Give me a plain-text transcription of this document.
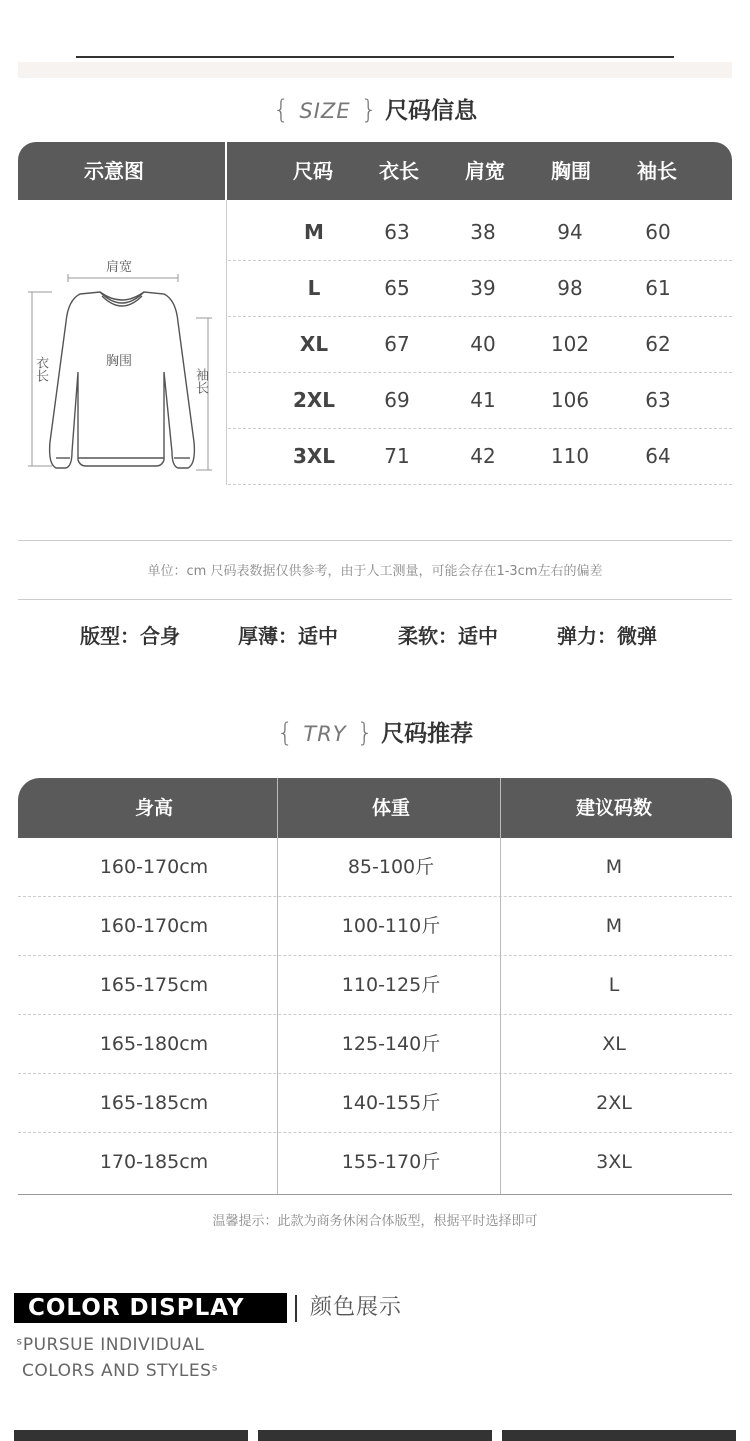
{ SIZE } 尺码信息
示意图	尺码 衣长 肩宽 胸围 袖长
肩宽
胸围
衣长	袖长
M	63	38	94	60
L	65	39	98	61
XL	67	40	102	62
2XL 69	41	106	63
3XL 71	42	110	64
单位：cm 尺码表数据仅供参考，由于人工测量，可能会存在1-3cm左右的偏差
版型：合身	厚薄：适中	柔软：适中	弹力：微弹
{ TRY } 尺码推荐
身高	体重	建议码数
160-170cm	85-100斤	M
160-170cm	100-110斤	M
165-175cm	110-125斤	L
165-180cm	125-140斤	XL
165-185cm	140-155斤	2XL
170-185cm	155-170斤	3XL
温馨提示：此款为商务休闲合体版型，根据平时选择即可
COLOR DISPLAY	颜色展示
ˢPURSUE INDIVIDUAL
COLORS AND STYLESˢ
